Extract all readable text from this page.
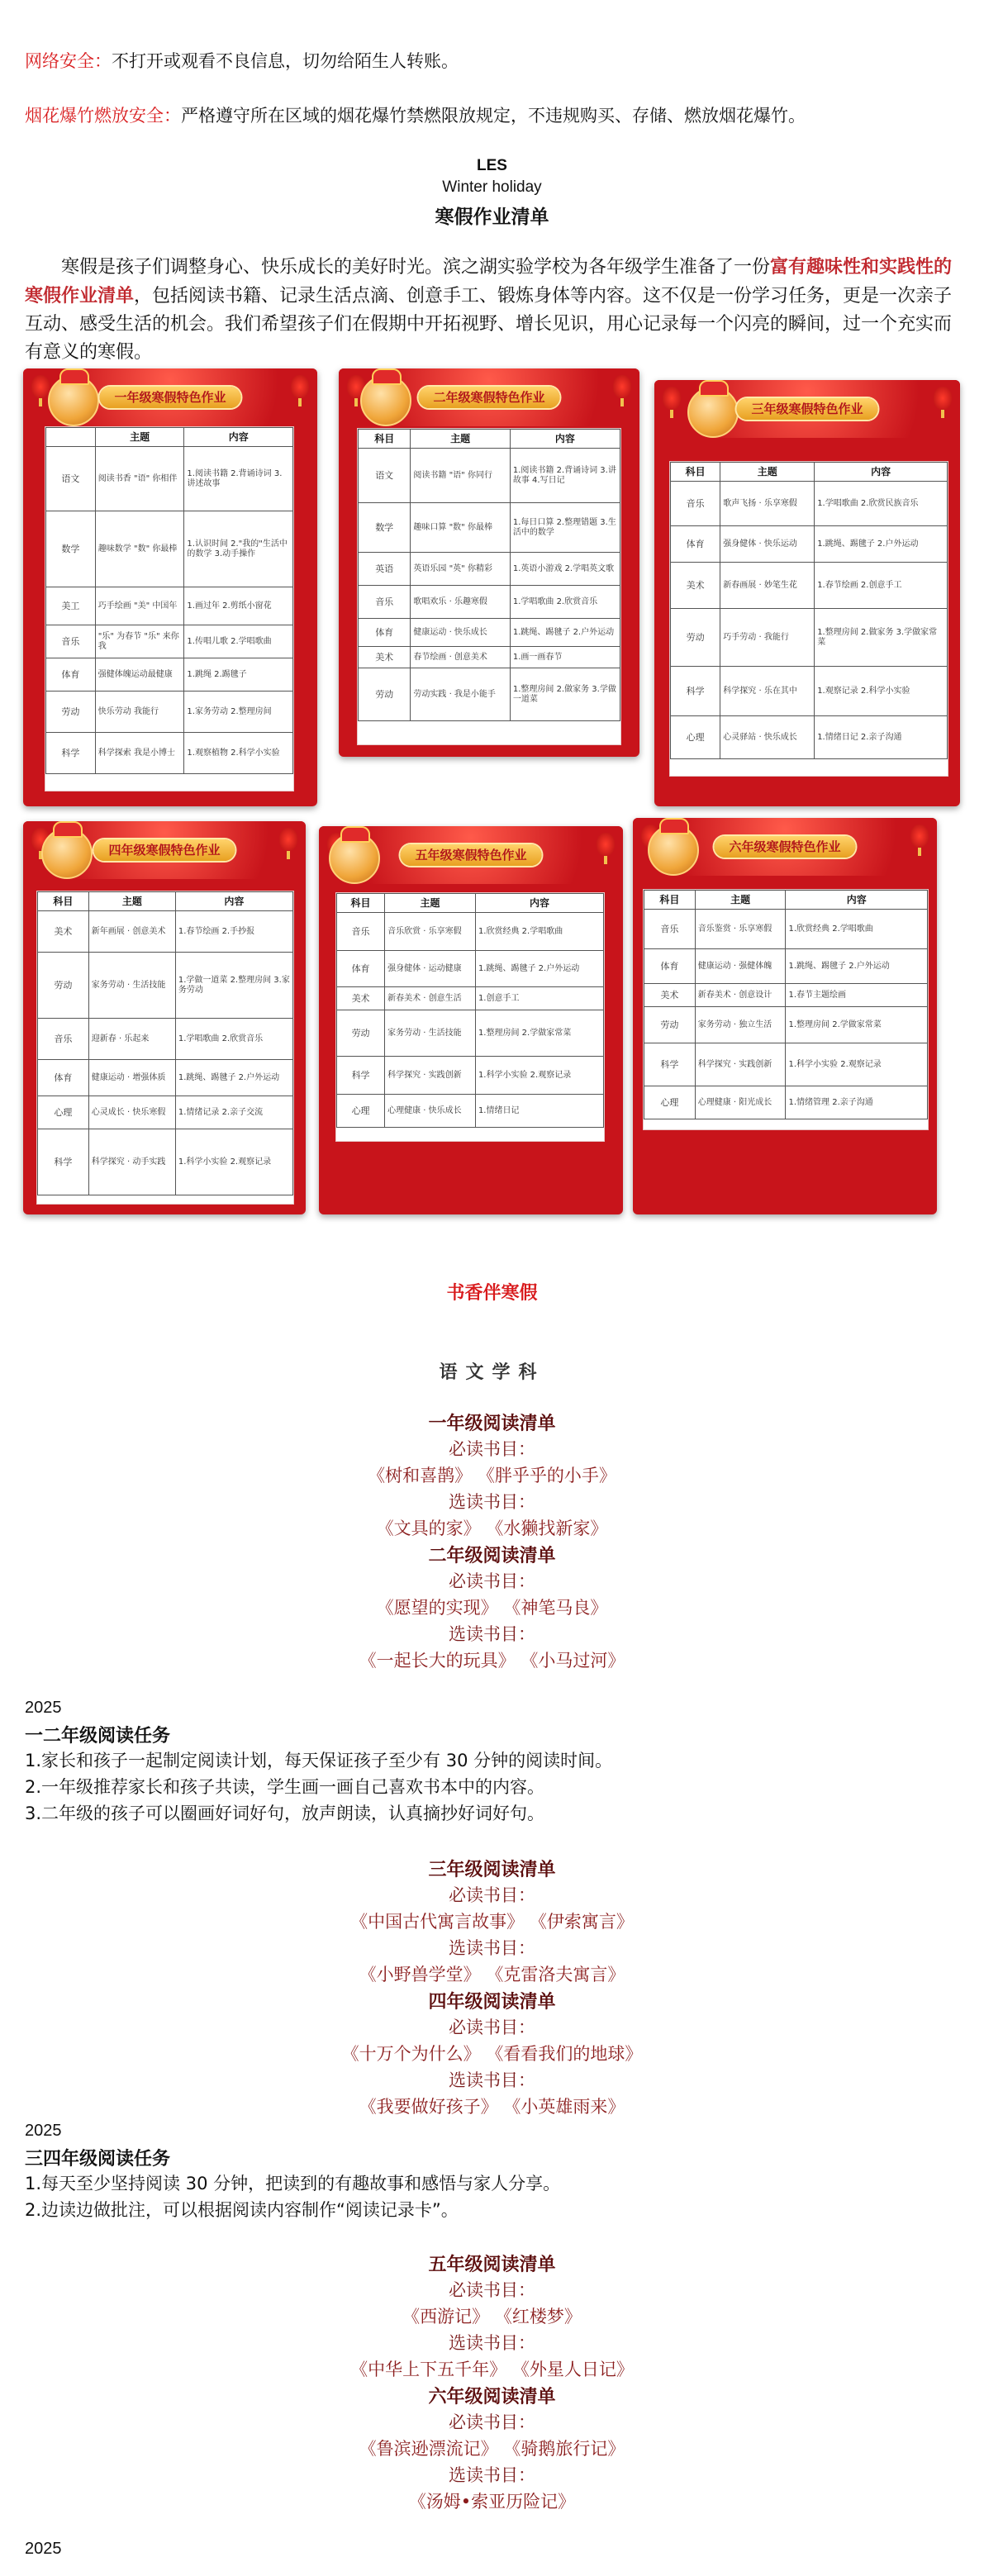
网络安全：不打开或观看不良信息，切勿给陌生人转账。

烟花爆竹燃放安全：严格遵守所在区域的烟花爆竹禁燃限放规定，不违规购买、存储、燃放烟花爆竹。

LES

Winter holiday

寒假作业清单

寒假是孩子们调整身心、快乐成长的美好时光。滨之湖实验学校为各年级学生准备了一份富有趣味性和实践性的寒假作业清单，包括阅读书籍、记录生活点滴、创意手工、锻炼身体等内容。这不仅是一份学习任务，更是一次亲子互动、感受生活的机会。我们希望孩子们在假期中开拓视野、增长见识，用心记录每一个闪亮的瞬间，过一个充实而有意义的寒假。

一年级寒假特色作业
	主题	内容
语文	阅读书香 "语" 你相伴	1.阅读书籍 2.背诵诗词 3.讲述故事
数学	趣味数学 "数" 你最棒	1.认识时间 2."我的"生活中的数学 3.动手操作
美工	巧手绘画 "美" 中国年	1.画过年 2.剪纸小窗花
音乐	"乐" 为春节 "乐" 来你我	1.传唱儿歌 2.学唱歌曲
体育	强健体魄运动最健康	1.跳绳 2.踢毽子
劳动	快乐劳动 我能行	1.家务劳动 2.整理房间
科学	科学探索 我是小博士	1.观察植物 2.科学小实验
二年级寒假特色作业
科目	主题	内容
语文	阅读书籍 "语" 你同行	1.阅读书籍 2.背诵诗词 3.讲故事 4.写日记
数学	趣味口算 "数" 你最棒	1.每日口算 2.整理错题 3.生活中的数学
英语	英语乐园 "英" 你精彩	1.英语小游戏 2.学唱英文歌
音乐	歌唱欢乐 · 乐趣寒假	1.学唱歌曲 2.欣赏音乐
体育	健康运动 · 快乐成长	1.跳绳、踢毽子 2.户外运动
美术	春节绘画 · 创意美术	1.画一画春节
劳动	劳动实践 · 我是小能手	1.整理房间 2.做家务 3.学做一道菜
三年级寒假特色作业
科目	主题	内容
音乐	歌声飞扬 · 乐享寒假	1.学唱歌曲 2.欣赏民族音乐
体育	强身健体 · 快乐运动	1.跳绳、踢毽子 2.户外运动
美术	新春画展 · 妙笔生花	1.春节绘画 2.创意手工
劳动	巧手劳动 · 我能行	1.整理房间 2.做家务 3.学做家常菜
科学	科学探究 · 乐在其中	1.观察记录 2.科学小实验
心理	心灵驿站 · 快乐成长	1.情绪日记 2.亲子沟通
四年级寒假特色作业
科目	主题	内容
美术	新年画展 · 创意美术	1.春节绘画 2.手抄报
劳动	家务劳动 · 生活技能	1.学做一道菜 2.整理房间 3.家务劳动
音乐	迎新春 · 乐起来	1.学唱歌曲 2.欣赏音乐
体育	健康运动 · 增强体质	1.跳绳、踢毽子 2.户外运动
心理	心灵成长 · 快乐寒假	1.情绪记录 2.亲子交流
科学	科学探究 · 动手实践	1.科学小实验 2.观察记录
五年级寒假特色作业
科目	主题	内容
音乐	音乐欣赏 · 乐享寒假	1.欣赏经典 2.学唱歌曲
体育	强身健体 · 运动健康	1.跳绳、踢毽子 2.户外运动
美术	新春美术 · 创意生活	1.创意手工
劳动	家务劳动 · 生活技能	1.整理房间 2.学做家常菜
科学	科学探究 · 实践创新	1.科学小实验 2.观察记录
心理	心理健康 · 快乐成长	1.情绪日记
六年级寒假特色作业
科目	主题	内容
音乐	音乐鉴赏 · 乐享寒假	1.欣赏经典 2.学唱歌曲
体育	健康运动 · 强健体魄	1.跳绳、踢毽子 2.户外运动
美术	新春美术 · 创意设计	1.春节主题绘画
劳动	家务劳动 · 独立生活	1.整理房间 2.学做家常菜
科学	科学探究 · 实践创新	1.科学小实验 2.观察记录
心理	心理健康 · 阳光成长	1.情绪管理 2.亲子沟通

书香伴寒假

语文学科

一年级阅读清单

必读书目：

《树和喜鹊》 《胖乎乎的小手》

选读书目：

《文具的家》 《水獭找新家》

二年级阅读清单

必读书目：

《愿望的实现》 《神笔马良》

选读书目：

《一起长大的玩具》 《小马过河》

2025

一二年级阅读任务

1.家长和孩子一起制定阅读计划，每天保证孩子至少有 30 分钟的阅读时间。

2.一年级推荐家长和孩子共读，学生画一画自己喜欢书本中的内容。

3.二年级的孩子可以圈画好词好句，放声朗读，认真摘抄好词好句。

三年级阅读清单

必读书目：

《中国古代寓言故事》 《伊索寓言》

选读书目：

《小野兽学堂》 《克雷洛夫寓言》

四年级阅读清单

必读书目：

《十万个为什么》 《看看我们的地球》

选读书目：

《我要做好孩子》 《小英雄雨来》

2025

三四年级阅读任务

1.每天至少坚持阅读 30 分钟，把读到的有趣故事和感悟与家人分享。

2.边读边做批注，可以根据阅读内容制作“阅读记录卡”。

五年级阅读清单

必读书目：

《西游记》 《红楼梦》

选读书目：

《中华上下五千年》 《外星人日记》

六年级阅读清单

必读书目：

《鲁滨逊漂流记》 《骑鹅旅行记》

选读书目：

《汤姆•索亚历险记》

2025
